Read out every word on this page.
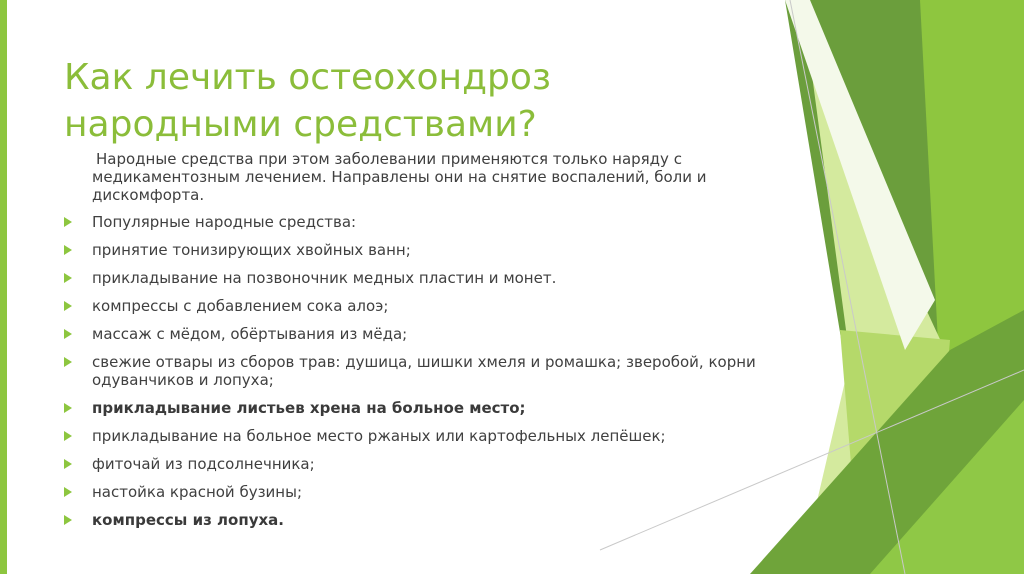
Как лечить остеохондроз народными средствами?

Народные средства при этом заболевании применяются только наряду с медикаментозным лечением. Направлены они на снятие воспалений, боли и дискомфорта.

Популярные народные средства:
принятие тонизирующих хвойных ванн;
прикладывание на позвоночник медных пластин и монет.
компрессы с добавлением сока алоэ;
массаж с мёдом, обёртывания из мёда;
свежие отвары из сборов трав: душица, шишки хмеля и ромашка; зверобой, корни одуванчиков и лопуха;
прикладывание листьев хрена на больное место;
прикладывание на больное место ржаных или картофельных лепёшек;
фиточай из подсолнечника;
настойка красной бузины;
компрессы из лопуха.
